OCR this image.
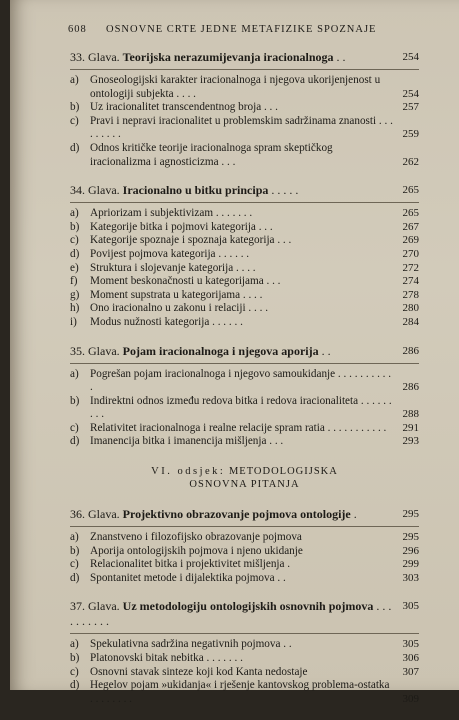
608	OSNOVNE CRTE JEDNE METAFIZIKE SPOZNAJE
33. Glava. Teorijska nerazumijevanja iracionalnoga . .	254
a)	Gnoseologijski karakter iracionalnoga i njegova ukorijenjenost u ontologiji subjekta . . . .	254
b) Uz iracionalitet transcendentnog broja . . .	257
c)	Pravi i nepravi iracionalitet u problemskim sadržinama znanosti . . . . . . . . .	259
d) Odnos kritičke teorije iracionalnoga spram skeptičkog iracionalizma i agnosticizma . . .	262
34. Glava. Iracionalno u bitku principa . . . . .	265
a)	Apriorizam i subjektivizam . . . . . . .	265
b) Kategorije bitka i pojmovi kategorija . . .	267
c)	Kategorije spoznaje i spoznaja kategorija . . .	269
d) Povijest pojmova kategorija . . . . . .	270
e)	Struktura i slojevanje kategorija . . . .	272
f)	Moment beskonačnosti u kategorijama . . .	274
g) Moment supstrata u kategorijama . . . .	278
h) Ono iracionalno u zakonu i relaciji . . . .	280
i)	Modus nužnosti kategorija . . . . . .	284
35. Glava. Pojam iracionalnoga i njegova aporija . .	286
a)	Pogrešan pojam iracionalnoga i njegovo samoukidanje . . . . . . . . . . .	286
b) Indirektni odnos između redova bitka i redova iracionaliteta . . . . . . . . .	288
c)	Relativitet iracionalnoga i realne relacije spram ratia . . . . . . . . . . .	291
d) Imanencija bitka i imanencija mišljenja . . .	293
VI. odsjek: METODOLOGIJSKA
OSNOVNA PITANJA
36. Glava. Projektivno obrazovanje pojmova ontologije .	295
a)	Znanstveno i filozofijsko obrazovanje pojmova	295
b) Aporija ontologijskih pojmova i njeno ukidanje	296
c)	Relacionalitet bitka i projektivitet mišljenja .	299
d) Spontanitet metode i dijalektika pojmova . .	303
37. Glava. Uz metodologiju ontologijskih osnovnih pojmova . . . . . . . . . .
305
a)	Spekulativna sadržina negativnih pojmova . .	305
b) Platonovski bitak nebitka . . . . . . .	306
c)	Osnovni stavak sinteze koji kod Kanta nedostaje	307
d) Hegelov pojam »ukidanja« i rješenje kantovskog problema-ostatka . . . . . . . .	309
